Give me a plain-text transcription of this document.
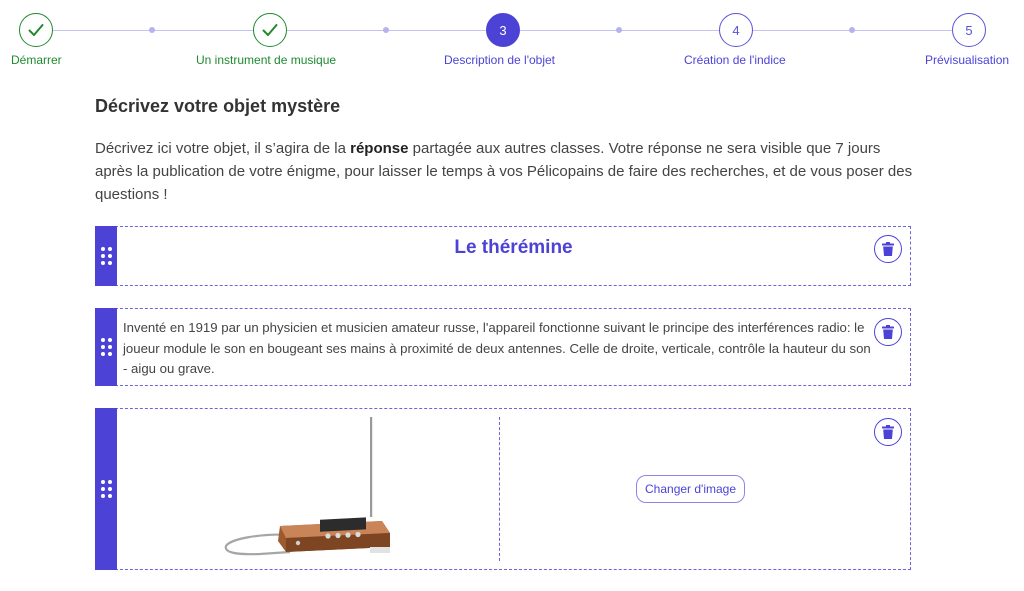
Démarrer	Un instrument de musique
3
Description de l'objet
4
Création de l'indice
5
Prévisualisation
Décrivez votre objet mystère

Décrivez ici votre objet, il s’agira de la réponse partagée aux autres classes. Votre réponse ne sera visible que 7 jours après la publication de votre énigme, pour laisser le temps à vos Pélicopains de faire des recherches, et de vous poser des questions !

Le thérémine
Inventé en 1919 par un physicien et musicien amateur russe, l'appareil fonctionne suivant le principe des interférences radio: le joueur module le son en bougeant ses mains à proximité de deux antennes. Celle de droite, verticale, contrôle la hauteur du son - aigu ou grave.
Changer d'image
